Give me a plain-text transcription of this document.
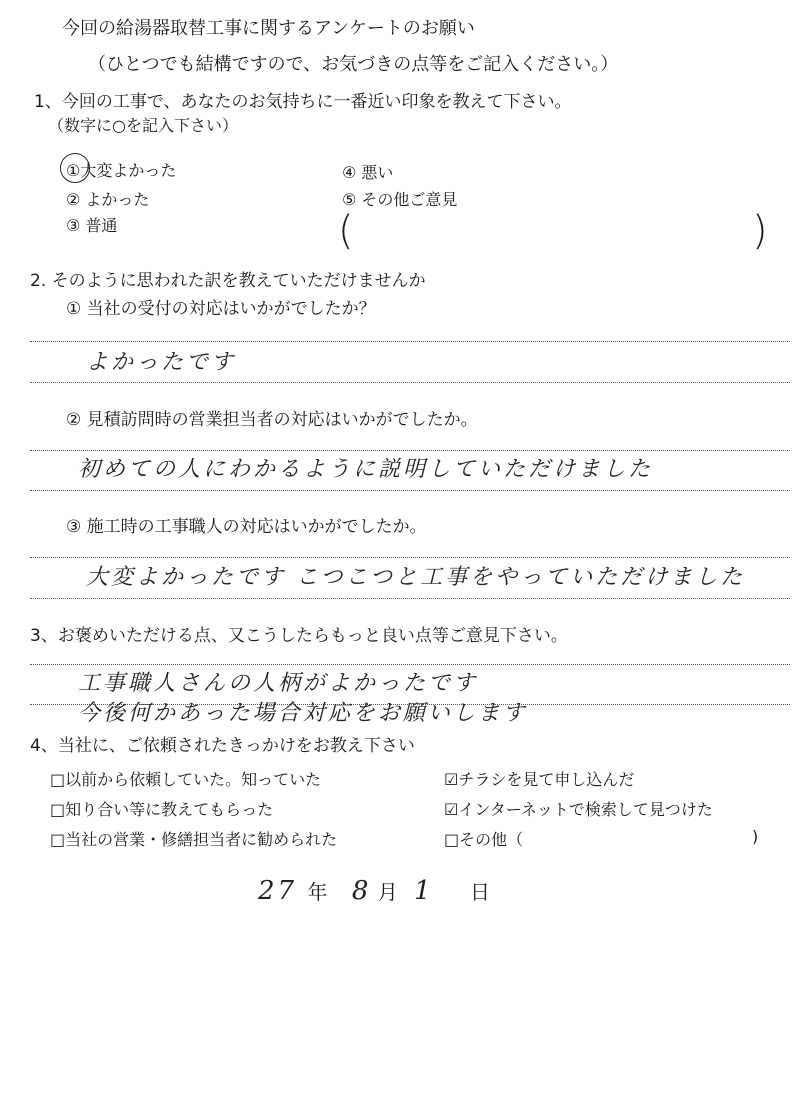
今回の給湯器取替工事に関するアンケートのお願い
（ひとつでも結構ですので、お気づきの点等をご記入ください。）
1、今回の工事で、あなたのお気持ちに一番近い印象を教えて下さい。
（数字に○を記入下さい）
①大変よかった
② よかった
③ 普通
④ 悪い
⑤ その他ご意見
(	)
2. そのように思われた訳を教えていただけませんか
① 当社の受付の対応はいかがでしたか？
よかったです
② 見積訪問時の営業担当者の対応はいかがでしたか。
初めての人にわかるように説明していただけました
③ 施工時の工事職人の対応はいかがでしたか。
大変よかったです こつこつと工事をやっていただけました
3、お褒めいただける点、又こうしたらもっと良い点等ご意見下さい。
工事職人さんの人柄がよかったです
今後何かあった場合対応をお願いします
4、当社に、ご依頼されたきっかけをお教え下さい
□以前から依頼していた。知っていた
□知り合い等に教えてもらった
□当社の営業・修繕担当者に勧められた
☑チラシを見て申し込んだ
☑インターネットで検索して見つけた
□その他（	)
27 年 8 月 1 日
